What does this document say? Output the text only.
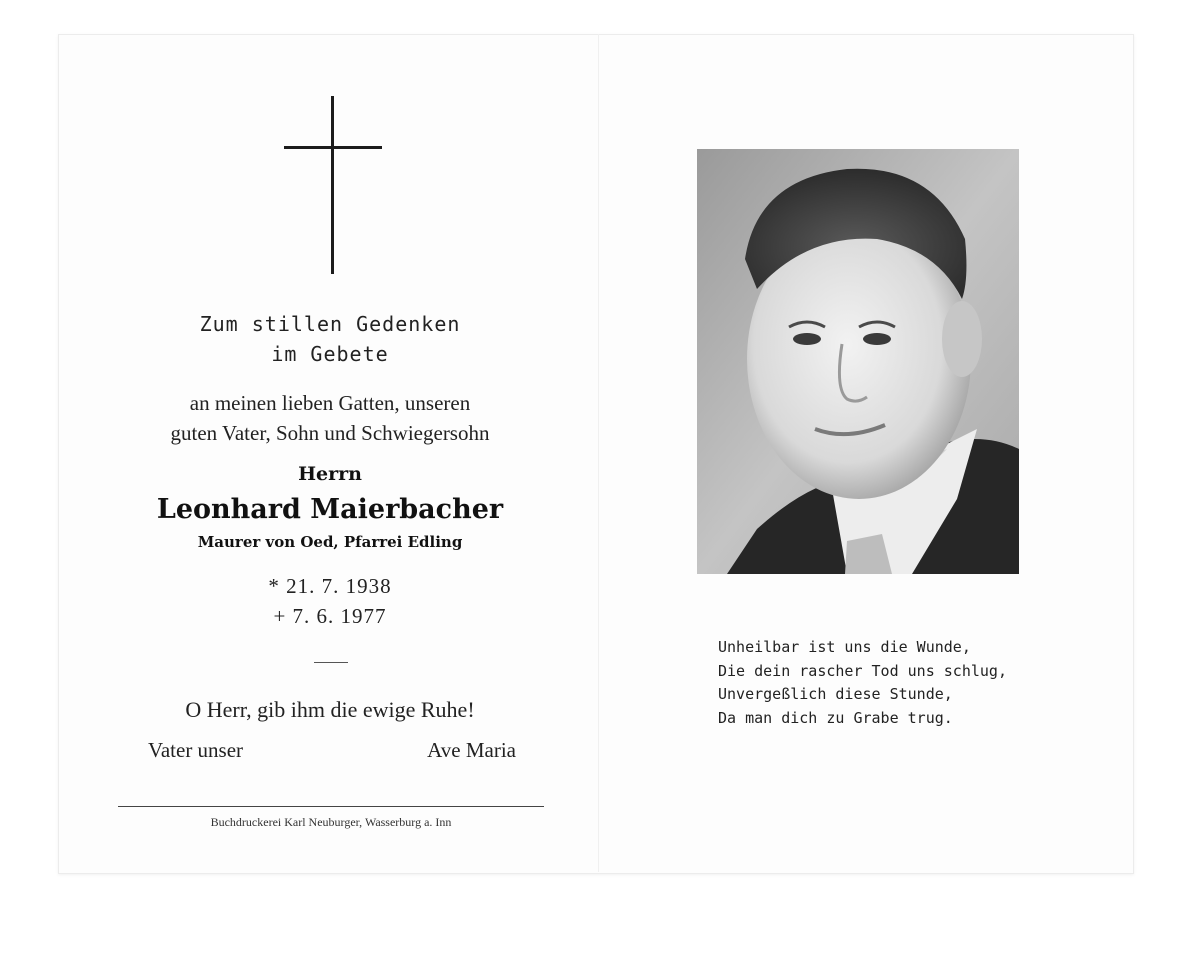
Zum stillen Gedenken
im Gebete
an meinen lieben Gatten, unseren
guten Vater, Sohn und Schwiegersohn
Herrn
Leonhard Maierbacher
Maurer von Oed, Pfarrei Edling
* 21. 7. 1938
+ 7. 6. 1977
O Herr, gib ihm die ewige Ruhe!
Vater unser	Ave Maria
Buchdruckerei Karl Neuburger, Wasserburg a. Inn
Unheilbar ist uns die Wunde,
Die dein rascher Tod uns schlug,
Unvergeßlich diese Stunde,
Da man dich zu Grabe trug.
